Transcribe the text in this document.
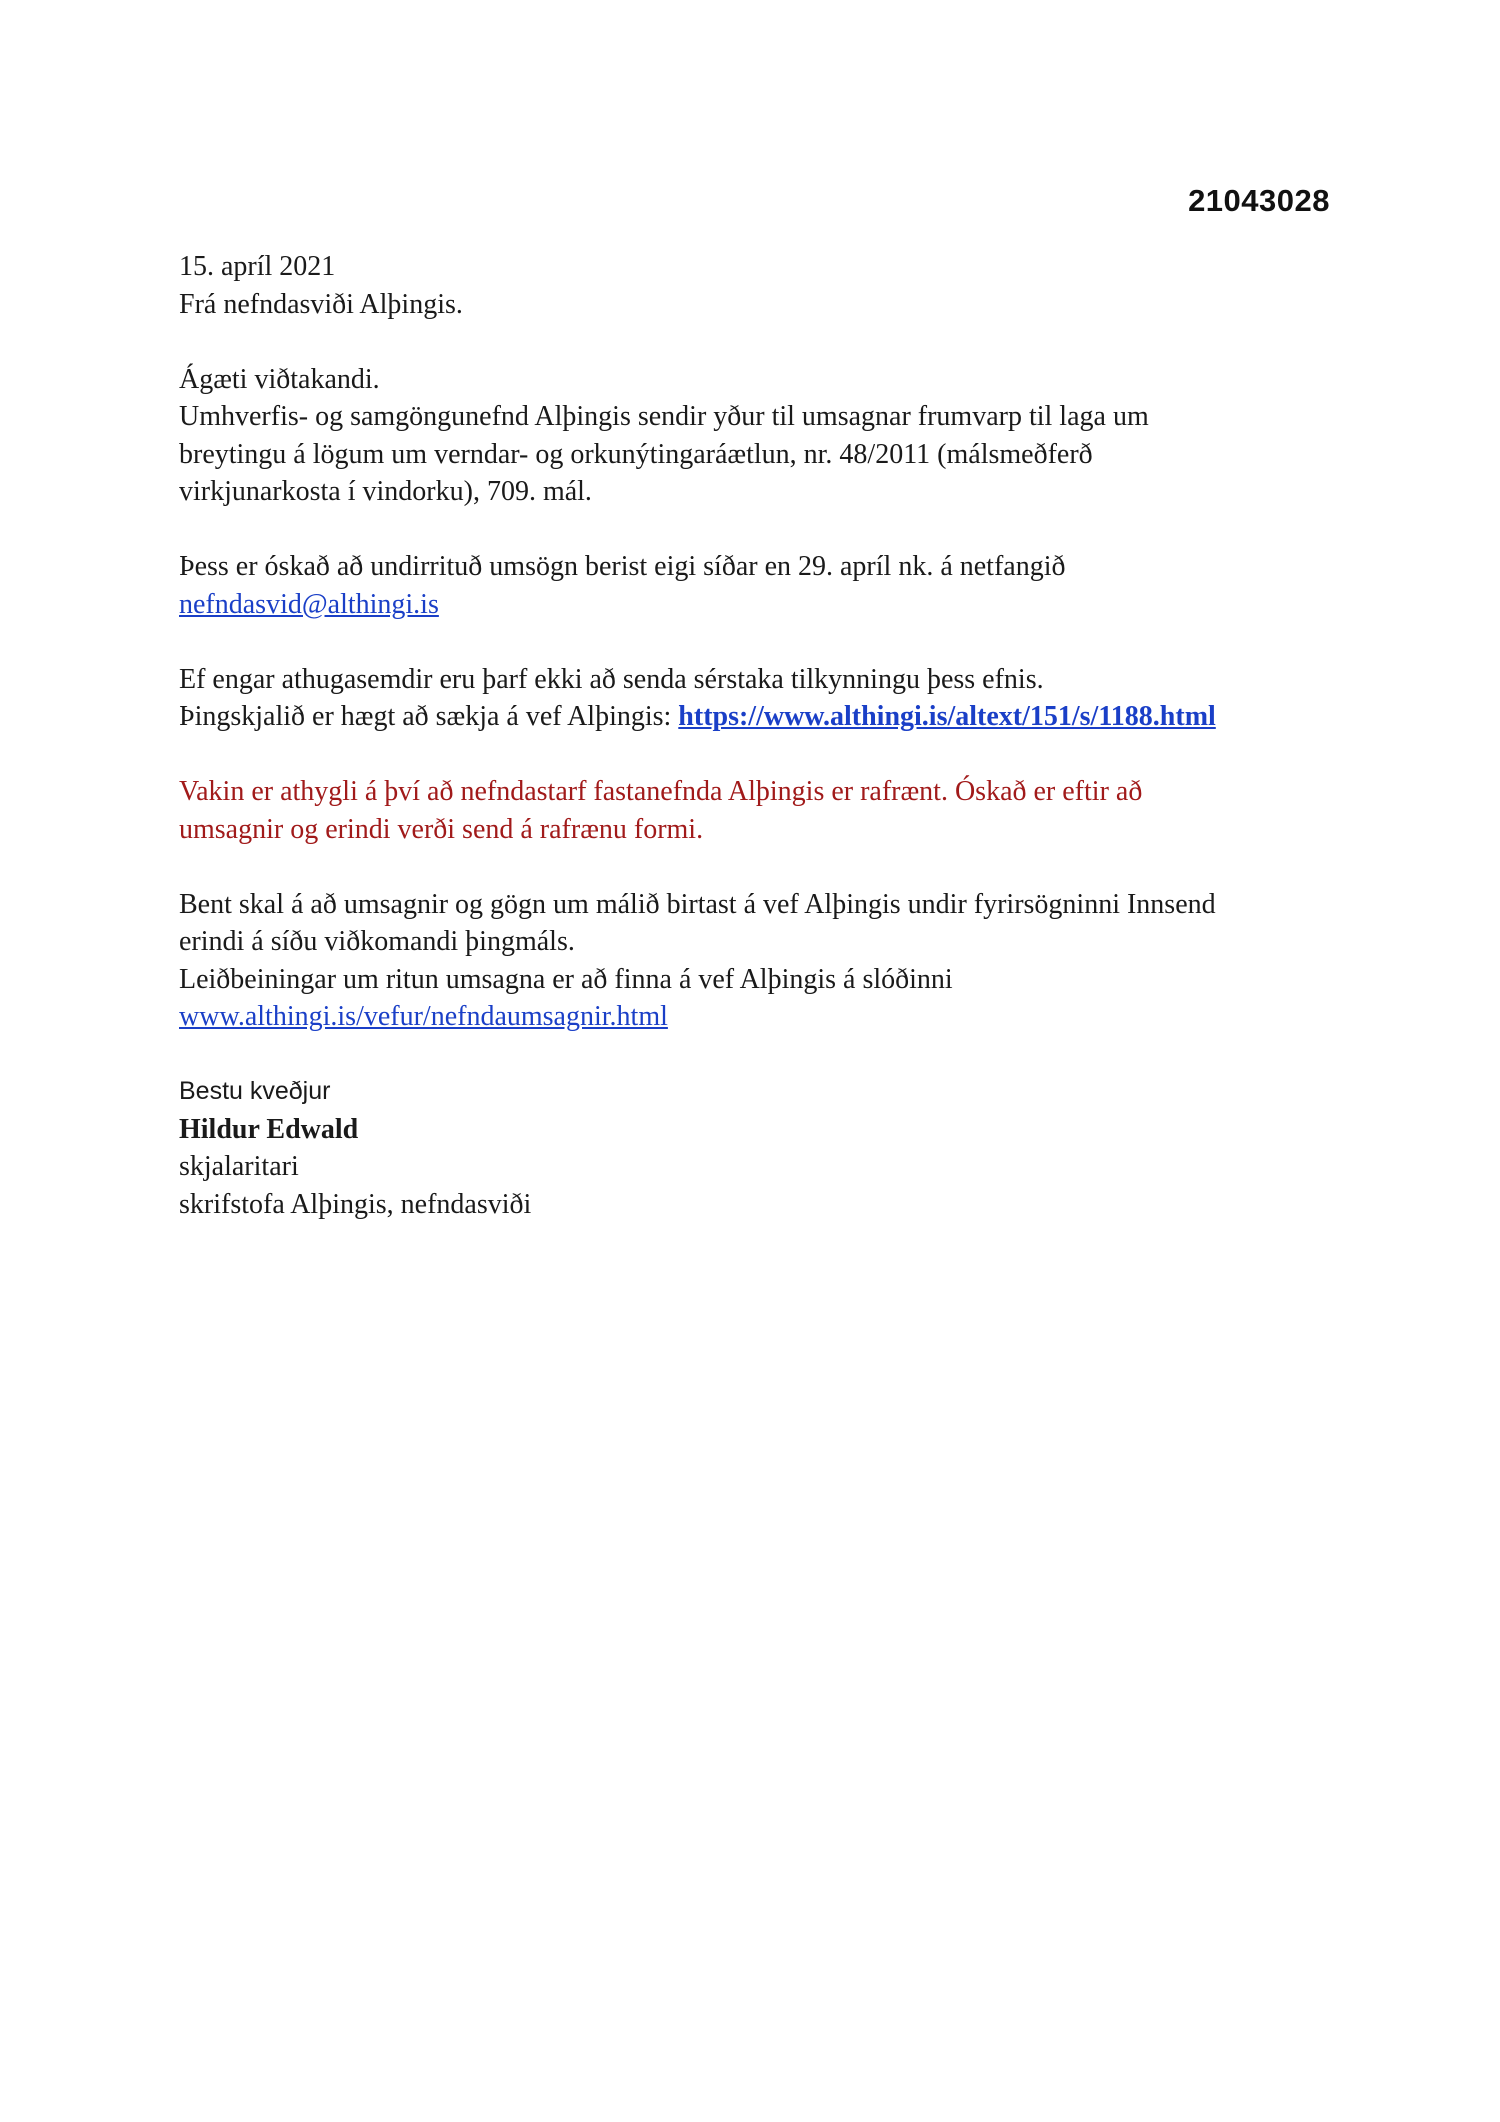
21043028
15. apríl 2021
Frá nefndasviði Alþingis.
Ágæti viðtakandi.
Umhverfis- og samgöngunefnd Alþingis sendir yður til umsagnar frumvarp til laga um
breytingu á lögum um verndar- og orkunýtingaráætlun, nr. 48/2011 (málsmeðferð
virkjunarkosta í vindorku), 709. mál.
Þess er óskað að undirrituð umsögn berist eigi síðar en 29. apríl nk. á netfangið
nefndasvid@althingi.is
Ef engar athugasemdir eru þarf ekki að senda sérstaka tilkynningu þess efnis.
Þingskjalið er hægt að sækja á vef Alþingis: https://www.althingi.is/altext/151/s/1188.html
Vakin er athygli á því að nefndastarf fastanefnda Alþingis er rafrænt. Óskað er eftir að
umsagnir og erindi verði send á rafrænu formi.
Bent skal á að umsagnir og gögn um málið birtast á vef Alþingis undir fyrirsögninni Innsend
erindi á síðu viðkomandi þingmáls.
Leiðbeiningar um ritun umsagna er að finna á vef Alþingis á slóðinni
www.althingi.is/vefur/nefndaumsagnir.html
Bestu kveðjur
Hildur Edwald
skjalaritari
skrifstofa Alþingis, nefndasviði
